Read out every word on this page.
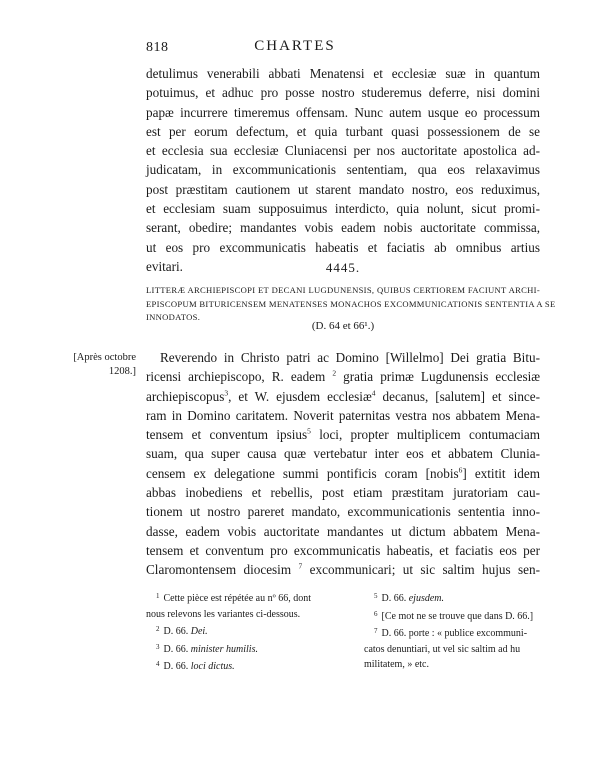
818	CHARTES
detulimus venerabili abbati Menatensi et ecclesiæ suæ in quantum
potuimus, et adhuc pro posse nostro studeremus deferre, nisi domini
papæ incurrere timeremus offensam. Nunc autem usque eo processum
est per eorum defectum, et quia turbant quasi possessionem de se
et ecclesia sua ecclesiæ Cluniacensi per nos auctoritate apostolica ad-
judicatam, in excommunicationis sententiam, qua eos relaxavimus
post præstitam cautionem ut starent mandato nostro, eos reduximus,
et ecclesiam suam supposuimus interdicto, quia nolunt, sicut promi-
serant, obedire; mandantes vobis eadem nobis auctoritate commissa,
ut eos pro excommunicatis habeatis et faciatis ab omnibus artius
evitari.	4445.
LITTERÆ ARCHIEPISCOPI ET DECANI LUGDUNENSIS, QUIBUS CERTIOREM FACIUNT ARCHI-
EPISCOPUM BITURICENSEM MENATENSES MONACHOS EXCOMMUNICATIONIS SENTENTIA A SE
INNODATOS.
(D. 64 et 66¹.)
[Après octobre
1208.]
Reverendo in Christo patri ac Domino [Willelmo] Dei gratia Bitu-
ricensi archiepiscopo, R. eadem $^2$ gratia primæ Lugdunensis ecclesiæ
archiepiscopus$^3$, et W. ejusdem ecclesiæ$^4$ decanus, [salutem] et since-
ram in Domino caritatem. Noverit paternitas vestra nos abbatem Mena-
tensem et conventum ipsius$^5$ loci, propter multiplicem contumaciam
suam, qua super causa quæ vertebatur inter eos et abbatem Clunia-
censem ex delegatione summi pontificis coram [nobis$^6$] extitit idem
abbas inobediens et rebellis, post etiam præstitam juratoriam cau-
tionem ut nostro pareret mandato, excommunicationis sententia inno-
dasse, eadem vobis auctoritate mandantes ut dictum abbatem Mena-
tensem et conventum pro excommunicatis habeatis, et faciatis eos per
Claromontensem diocesim $^7$ excommunicari; ut sic saltim hujus sen-
$^1$ Cette pièce est répétée au nº 66, dont
nous relevons les variantes ci-dessous.
$^2$ D. 66. Dei.
$^3$ D. 66. minister humilis.
$^4$ D. 66. loci dictus.
$^5$ D. 66. ejusdem.
$^6$ [Ce mot ne se trouve que dans D. 66.]
$^7$ D. 66. porte : « publice excommuni-
catos denuntiari, ut vel sic saltim ad hu
militatem, » etc.
